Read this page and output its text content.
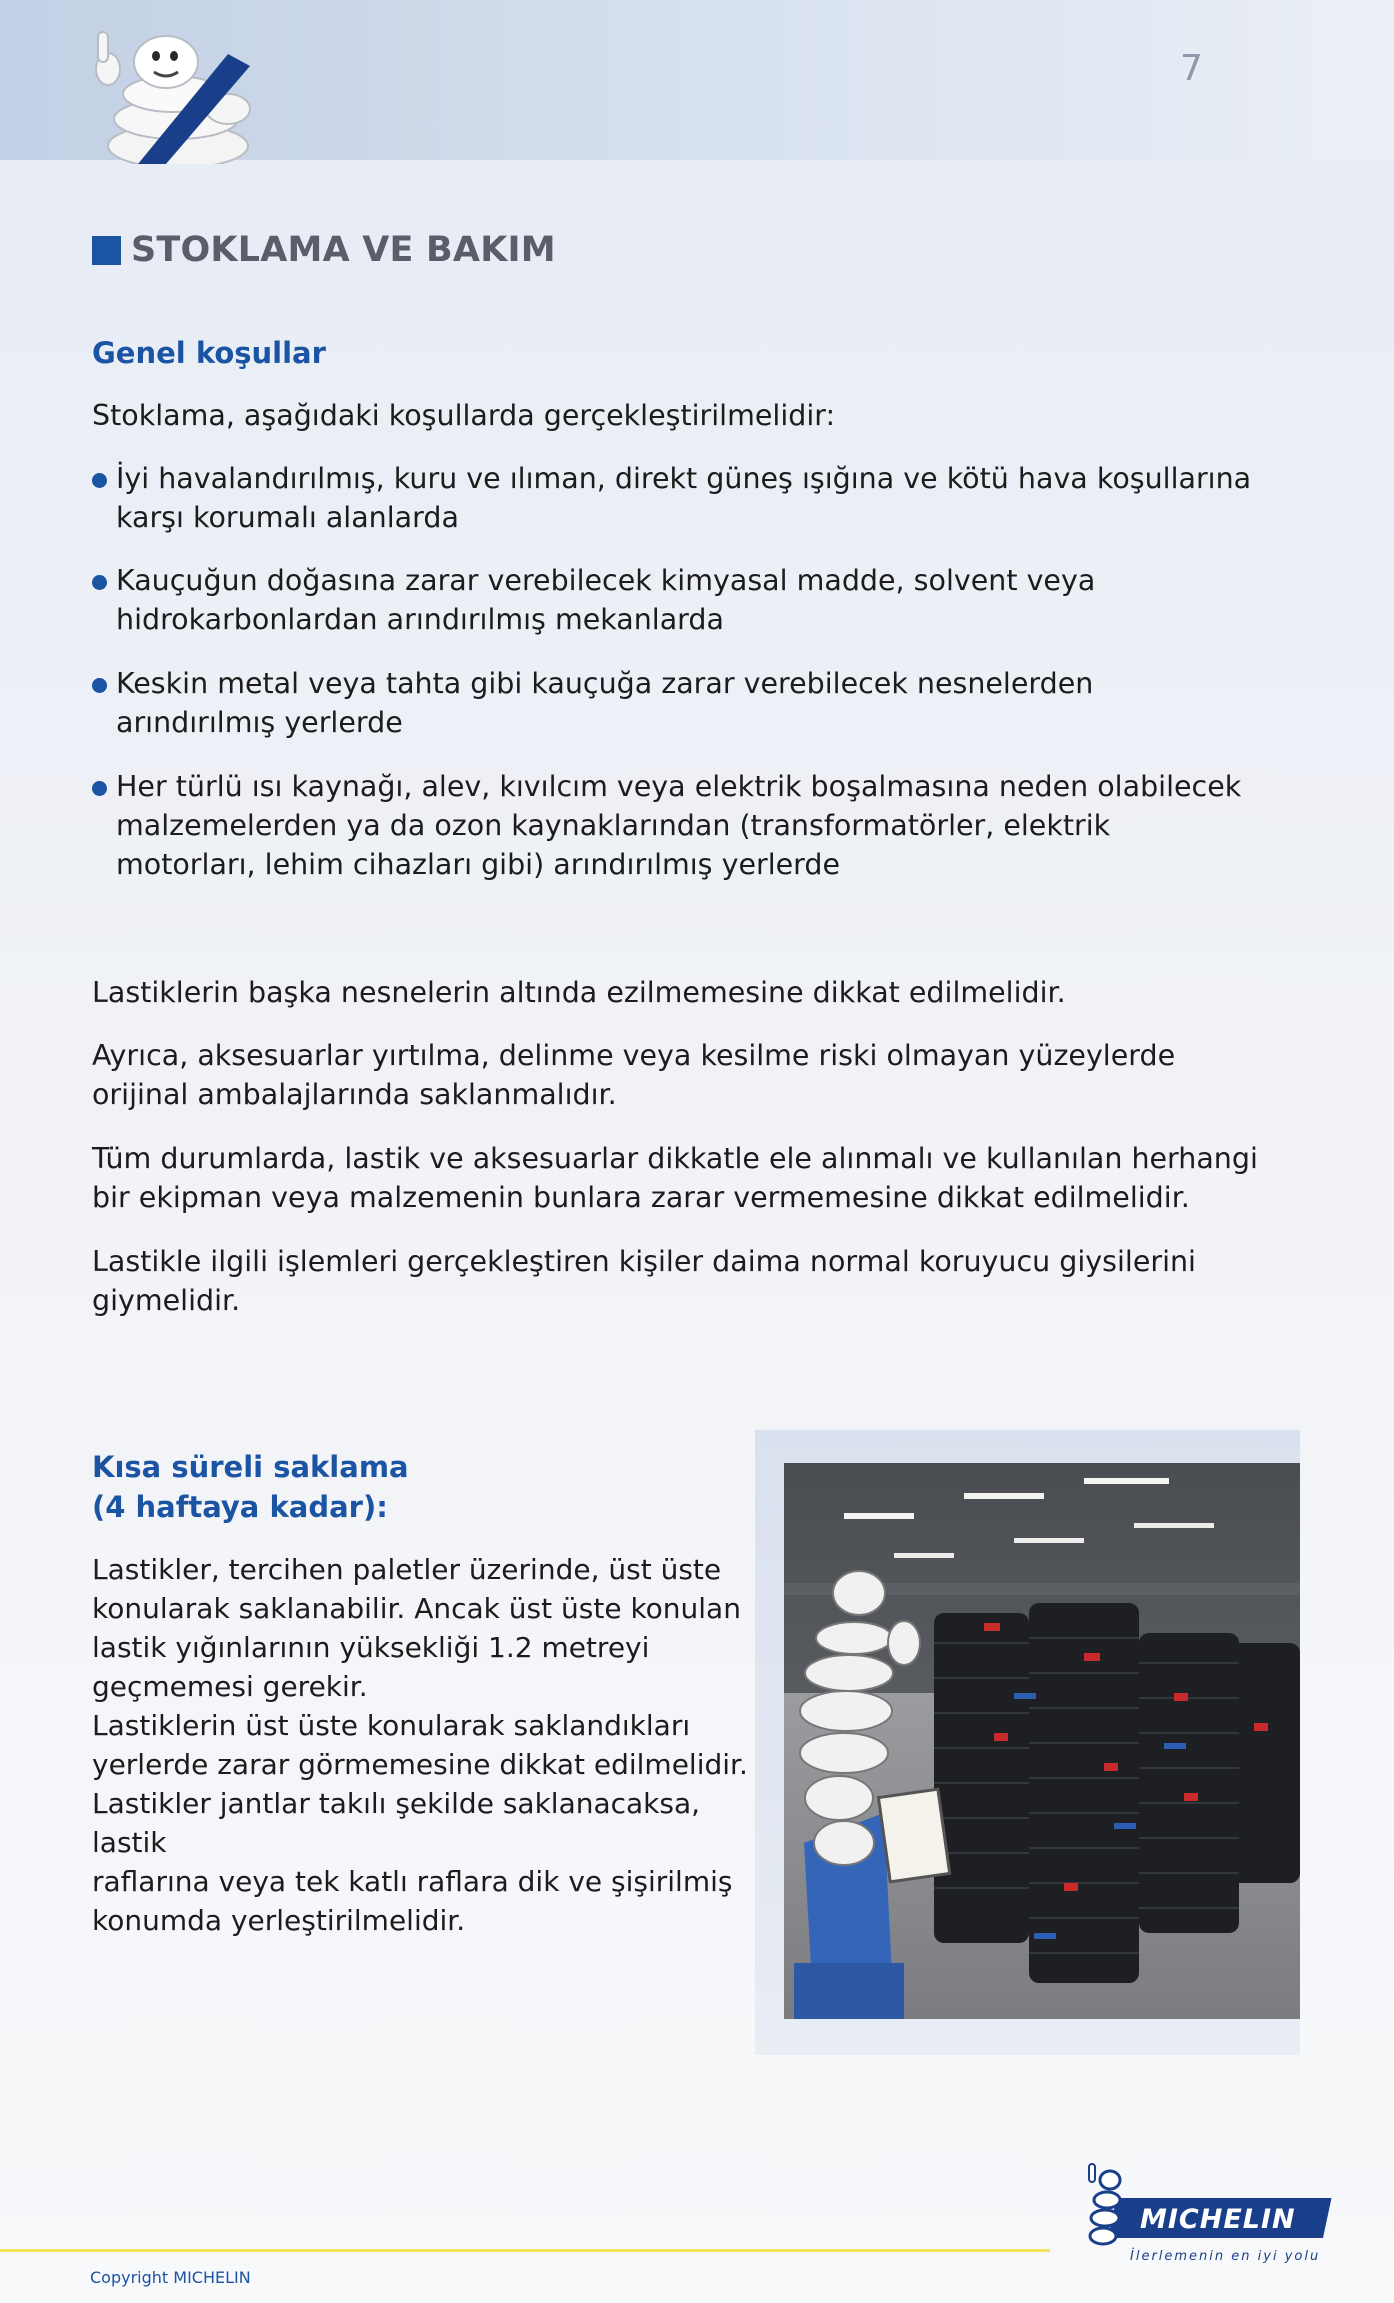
7
STOKLAMA VE BAKIM
Genel koşullar
Stoklama, aşağıdaki koşullarda gerçekleştirilmelidir:
İyi havalandırılmış, kuru ve ılıman, direkt güneş ışığına ve kötü hava koşullarına karşı korumalı alanlarda
Kauçuğun doğasına zarar verebilecek kimyasal madde, solvent veya hidrokarbonlardan arındırılmış mekanlarda
Keskin metal veya tahta gibi kauçuğa zarar verebilecek nesnelerden arındırılmış yerlerde
Her türlü ısı kaynağı, alev, kıvılcım veya elektrik boşalmasına neden olabilecek malzemelerden ya da ozon kaynaklarından (transformatörler, elektrik motorları, lehim cihazları gibi) arındırılmış yerlerde
Lastiklerin başka nesnelerin altında ezilmemesine dikkat edilmelidir.
Ayrıca, aksesuarlar yırtılma, delinme veya kesilme riski olmayan yüzeylerde orijinal ambalajlarında saklanmalıdır.
Tüm durumlarda, lastik ve aksesuarlar dikkatle ele alınmalı ve kullanılan herhangi bir ekipman veya malzemenin bunlara zarar vermemesine dikkat edilmelidir.
Lastikle ilgili işlemleri gerçekleştiren kişiler daima normal koruyucu giysilerini giymelidir.
Kısa süreli saklama
(4 haftaya kadar):
Lastikler, tercihen paletler üzerinde, üst üste
konularak saklanabilir. Ancak üst üste konulan
lastik yığınlarının yüksekliği 1.2 metreyi
geçmemesi gerekir.
Lastiklerin üst üste konularak saklandıkları
yerlerde zarar görmemesine dikkat edilmelidir.
Lastikler jantlar takılı şekilde saklanacaksa, lastik
raflarına veya tek katlı raflara dik ve şişirilmiş
konumda yerleştirilmelidir.
Copyright MICHELIN
MICHELIN
İlerlemenin en iyi yolu
